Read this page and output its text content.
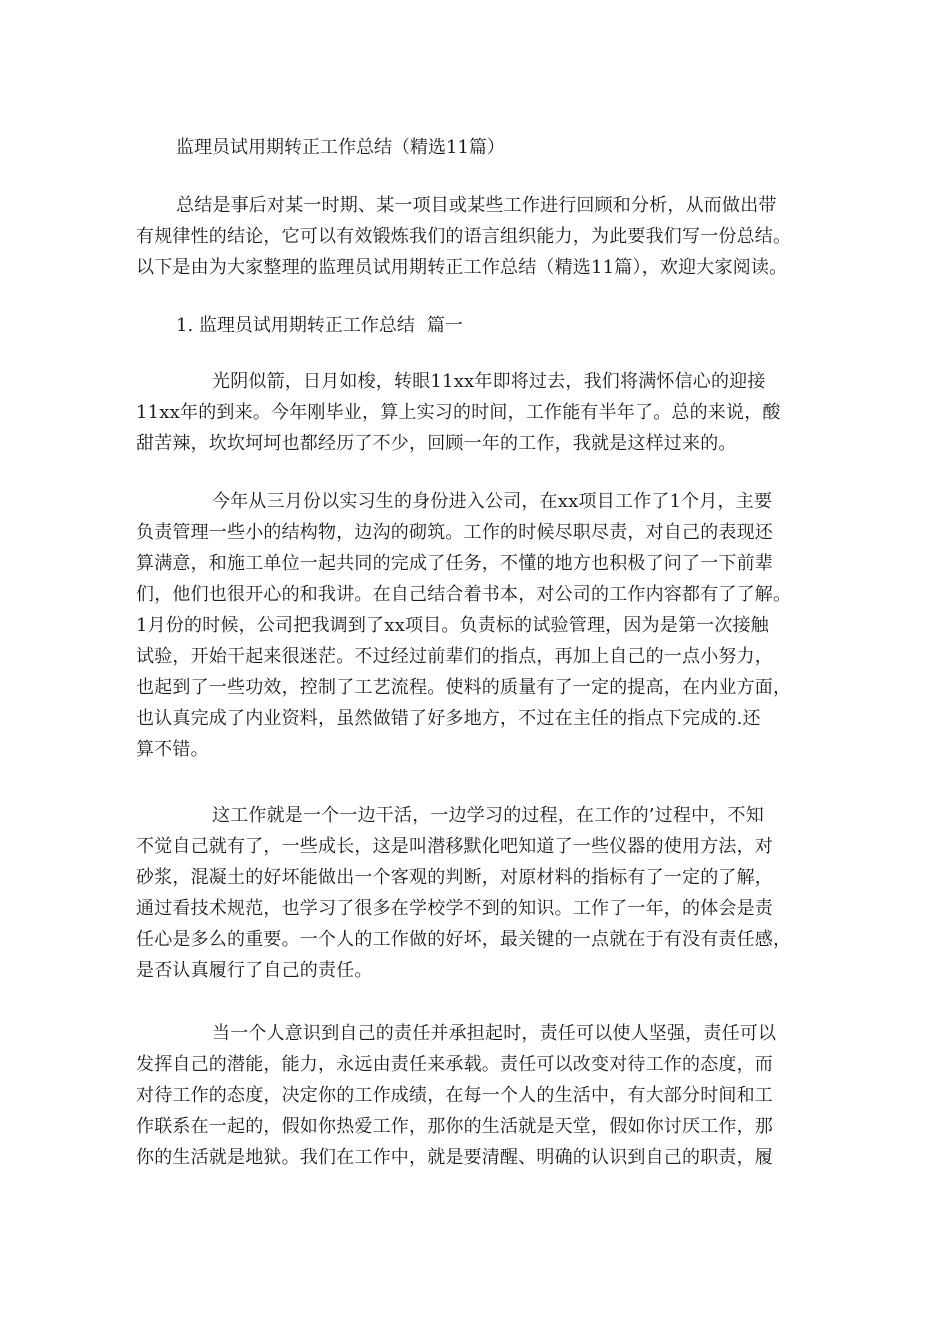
监理员试用期转正工作总结（精选11篇）
总结是事后对某一时期、某一项目或某些工作进行回顾和分析，从而做出带
有规律性的结论，它可以有效锻炼我们的语言组织能力，为此要我们写一份总结。
以下是由为大家整理的监理员试用期转正工作总结（精选11篇），欢迎大家阅读。
1. 监理员试用期转正工作总结 篇一
光阴似箭，日月如梭，转眼11xx年即将过去，我们将满怀信心的迎接
11xx年的到来。今年刚毕业，算上实习的时间，工作能有半年了。总的来说，酸
甜苦辣，坎坎坷坷也都经历了不少，回顾一年的工作，我就是这样过来的。
今年从三月份以实习生的身份进入公司，在xx项目工作了1个月，主要
负责管理一些小的结构物，边沟的砌筑。工作的时候尽职尽责，对自己的表现还
算满意，和施工单位一起共同的完成了任务，不懂的地方也积极了问了一下前辈
们，他们也很开心的和我讲。在自己结合着书本，对公司的工作内容都有了了解。
1月份的时候，公司把我调到了xx项目。负责标的试验管理，因为是第一次接触
试验，开始干起来很迷茫。不过经过前辈们的指点，再加上自己的一点小努力，
也起到了一些功效，控制了工艺流程。使料的质量有了一定的提高，在内业方面，
也认真完成了内业资料，虽然做错了好多地方，不过在主任的指点下完成的.还
算不错。
这工作就是一个一边干活，一边学习的过程，在工作的’过程中，不知
不觉自己就有了，一些成长，这是叫潜移默化吧知道了一些仪器的使用方法，对
砂浆，混凝土的好坏能做出一个客观的判断，对原材料的指标有了一定的了解，
通过看技术规范，也学习了很多在学校学不到的知识。工作了一年，的体会是责
任心是多么的重要。一个人的工作做的好坏，最关键的一点就在于有没有责任感，
是否认真履行了自己的责任。
当一个人意识到自己的责任并承担起时，责任可以使人坚强，责任可以
发挥自己的潜能，能力，永远由责任来承载。责任可以改变对待工作的态度，而
对待工作的态度，决定你的工作成绩，在每一个人的生活中，有大部分时间和工
作联系在一起的，假如你热爱工作，那你的生活就是天堂，假如你讨厌工作，那
你的生活就是地狱。我们在工作中，就是要清醒、明确的认识到自己的职责，履
